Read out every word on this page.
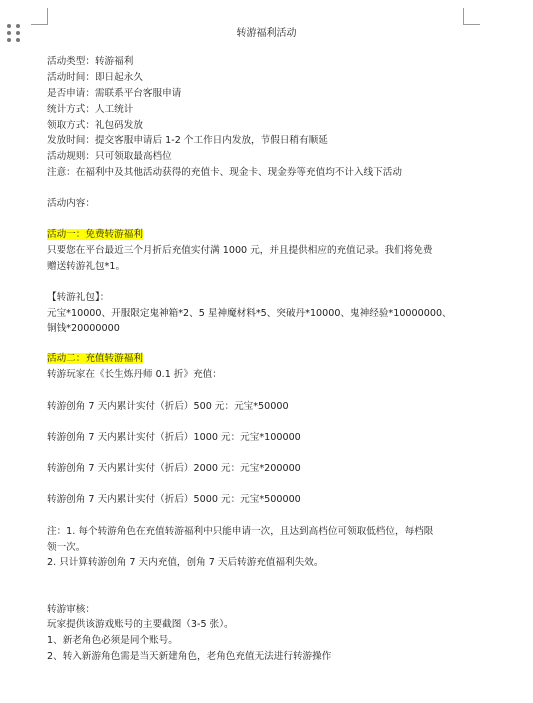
转游福利活动
活动类型：转游福利
活动时间：即日起永久
是否申请：需联系平台客服申请
统计方式：人工统计
领取方式：礼包码发放
发放时间：提交客服申请后 1-2 个工作日内发放，节假日稍有顺延
活动规则：只可领取最高档位
注意：在福利中及其他活动获得的充值卡、现金卡、现金券等充值均不计入线下活动
活动内容：
活动一：免费转游福利
只要您在平台最近三个月折后充值实付满 1000 元，并且提供相应的充值记录。我们将免费
赠送转游礼包*1。
【转游礼包】：
元宝*10000、开服限定鬼神箱*2、5 星神魔材料*5、突破丹*10000、鬼神经验*10000000、
铜钱*20000000
活动二：充值转游福利
转游玩家在《长生炼丹师 0.1 折》充值：
转游创角 7 天内累计实付（折后）500 元：元宝*50000
转游创角 7 天内累计实付（折后）1000 元：元宝*100000
转游创角 7 天内累计实付（折后）2000 元：元宝*200000
转游创角 7 天内累计实付（折后）5000 元：元宝*500000
注：1. 每个转游角色在充值转游福利中只能申请一次，且达到高档位可领取低档位，每档限
领一次。
2. 只计算转游创角 7 天内充值，创角 7 天后转游充值福利失效。
转游审核：
玩家提供该游戏账号的主要截图（3-5 张）。
1、新老角色必须是同个账号。
2、转入新游角色需是当天新建角色，老角色充值无法进行转游操作
